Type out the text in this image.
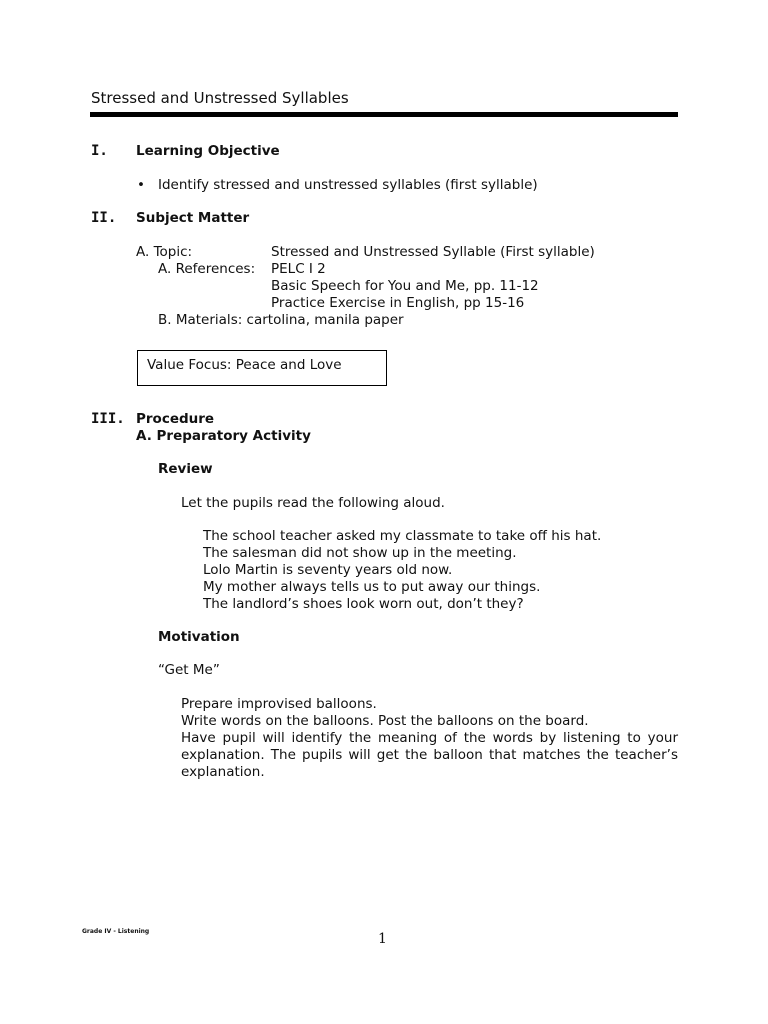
Stressed and Unstressed Syllables
I. Learning Objective
• Identify stressed and unstressed syllables (first syllable)
II. Subject Matter
A. Topic:	Stressed and Unstressed Syllable (First syllable)
A. References: PELC I 2
Basic Speech for You and Me, pp. 11-12
Practice Exercise in English, pp 15-16
B. Materials: cartolina, manila paper
Value Focus: Peace and Love
III. Procedure
A. Preparatory Activity
Review
Let the pupils read the following aloud.
The school teacher asked my classmate to take off his hat.
The salesman did not show up in the meeting.
Lolo Martin is seventy years old now.
My mother always tells us to put away our things.
The landlord’s shoes look worn out, don’t they?
Motivation
“Get Me”
Prepare improvised balloons.
Write words on the balloons. Post the balloons on the board.
Have pupil will identify the meaning of the words by listening to your explanation. The pupils will get the balloon that matches the teacher’s explanation.
Grade IV - Listening	1
